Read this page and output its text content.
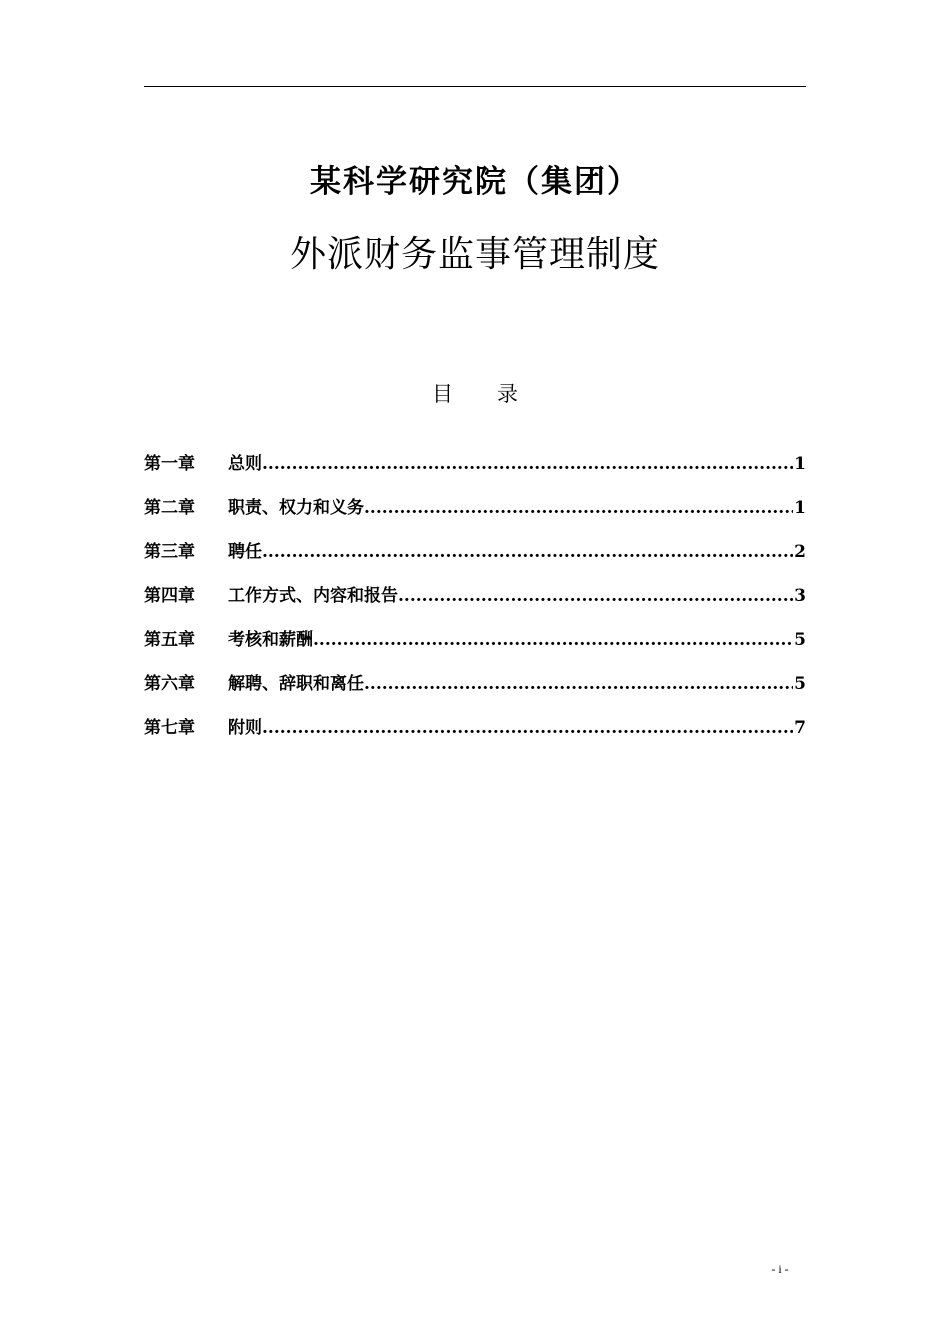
某科学研究院（集团）
外派财务监事管理制度
目 录
第一章	总则 .....	1
第二章	职责、权力和义务 .....	1
第三章	聘任 .....	2
第四章	工作方式、内容和报告 .....	3
第五章	考核和薪酬 .....	5
第六章	解聘、辞职和离任 .....	5
第七章	附则 .....	7
- i -
